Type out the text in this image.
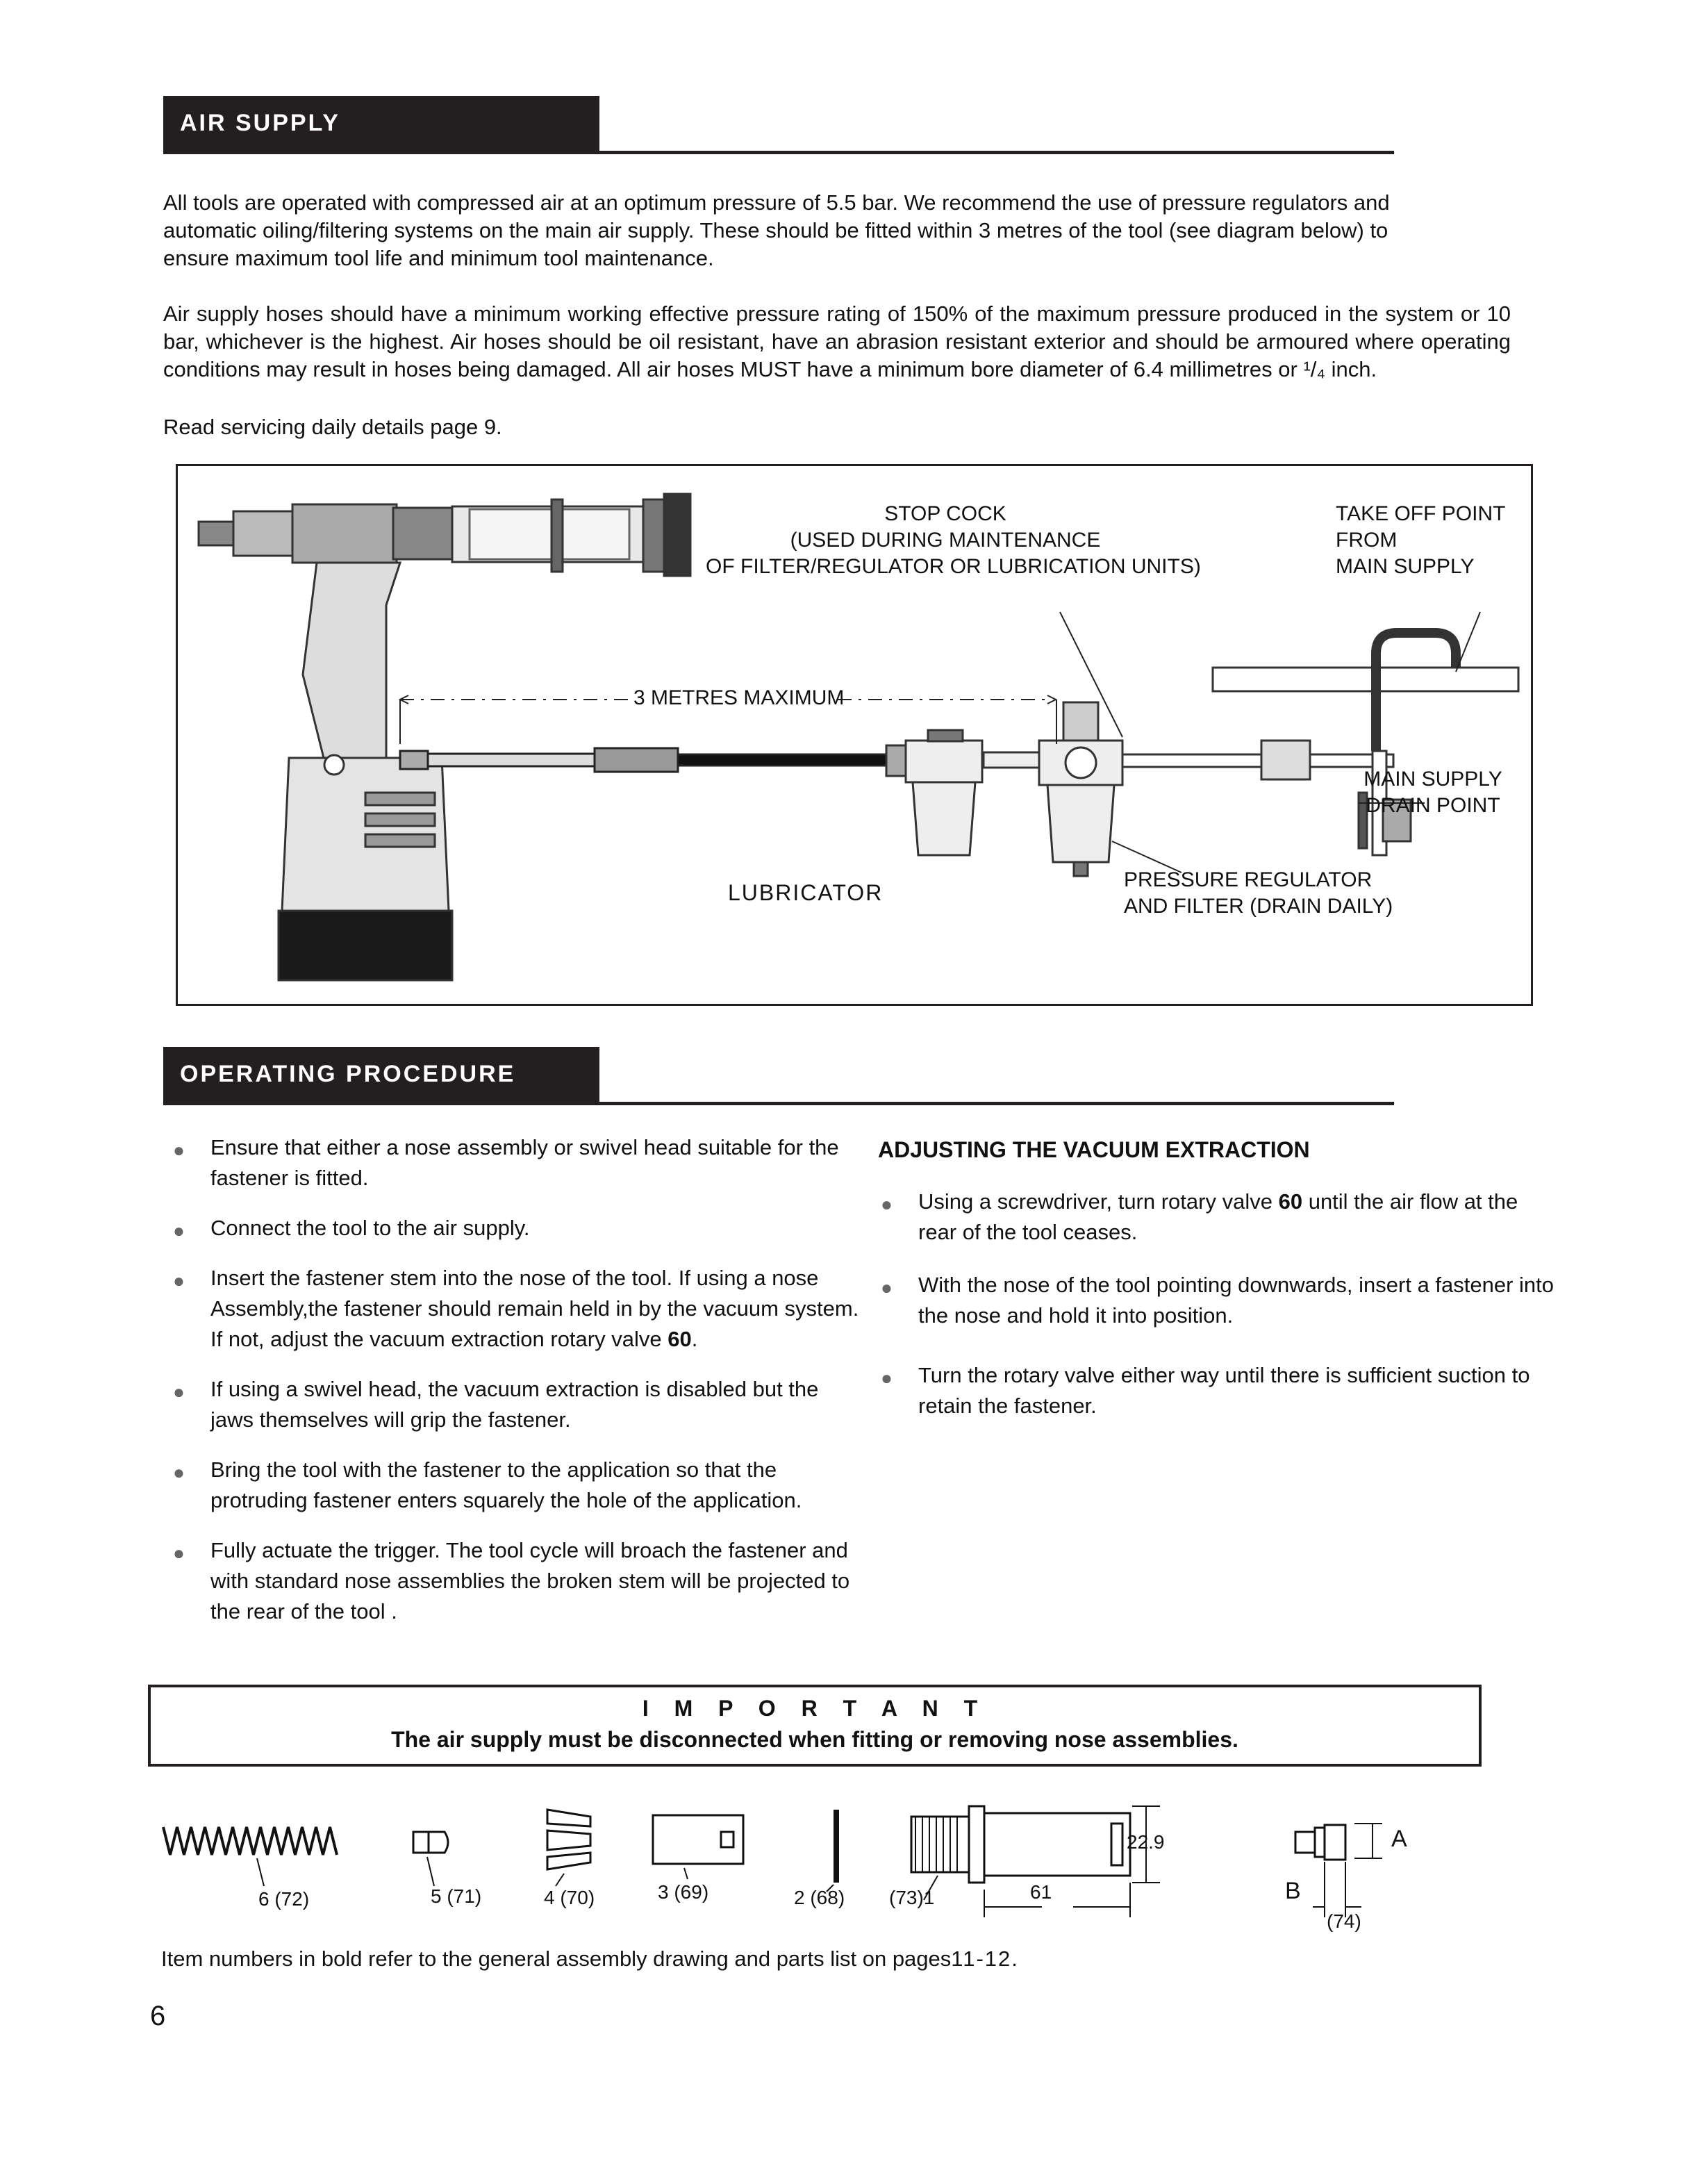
AIR SUPPLY

All tools are operated with compressed air at an optimum pressure of 5.5 bar. We recommend the use of pressure regulators and automatic oiling/filtering systems on the main air supply. These should be fitted within 3 metres of the tool (see diagram below) to ensure maximum tool life and minimum tool maintenance.

Air supply hoses should have a minimum working effective pressure rating of 150% of the maximum pressure produced in the system or 10 bar, whichever is the highest. Air hoses should be oil resistant, have an abrasion resistant exterior and should be armoured where operating conditions may result in hoses being damaged. All air hoses MUST have a minimum bore diameter of 6.4 millimetres or ¹/₄ inch.

Read servicing daily details page 9.

STOP COCK
(USED DURING MAINTENANCE
OF FILTER/REGULATOR OR LUBRICATION UNITS)
TAKE OFF POINT
FROM
MAIN SUPPLY
3 METRES MAXIMUM
MAIN SUPPLY
DRAIN POINT
LUBRICATOR
PRESSURE REGULATOR
AND FILTER (DRAIN DAILY)
OPERATING PROCEDURE
● Ensure that either a nose assembly or swivel head suitable for the fastener is fitted.
● Connect the tool to the air supply.
● Insert the fastener stem into the nose of the tool. If using a nose Assembly,the fastener should remain held in by the vacuum system. If not, adjust the vacuum extraction rotary valve 60.
● If using a swivel head, the vacuum extraction is disabled but the jaws themselves will grip the fastener.
● Bring the tool with the fastener to the application so that the protruding fastener enters squarely the hole of the application.
● Fully actuate the trigger. The tool cycle will broach the fastener and with standard nose assemblies the broken stem will be projected to the rear of the tool .
ADJUSTING THE VACUUM EXTRACTION
● Using a screwdriver, turn rotary valve 60 until the air flow at the rear of the tool ceases.
● With the nose of the tool pointing downwards, insert a fastener into the nose and hold it into position.
● Turn the rotary valve either way until there is sufficient suction to retain the fastener.
I M P O R T A N T
The air supply must be disconnected when fitting or removing nose assemblies.
6 (72)	5 (71)	4 (70)	3 (69)	2 (68) (73)1	61
22.9	A
B
(74)
Item numbers in bold refer to the general assembly drawing and parts list on pages11-12.
6
